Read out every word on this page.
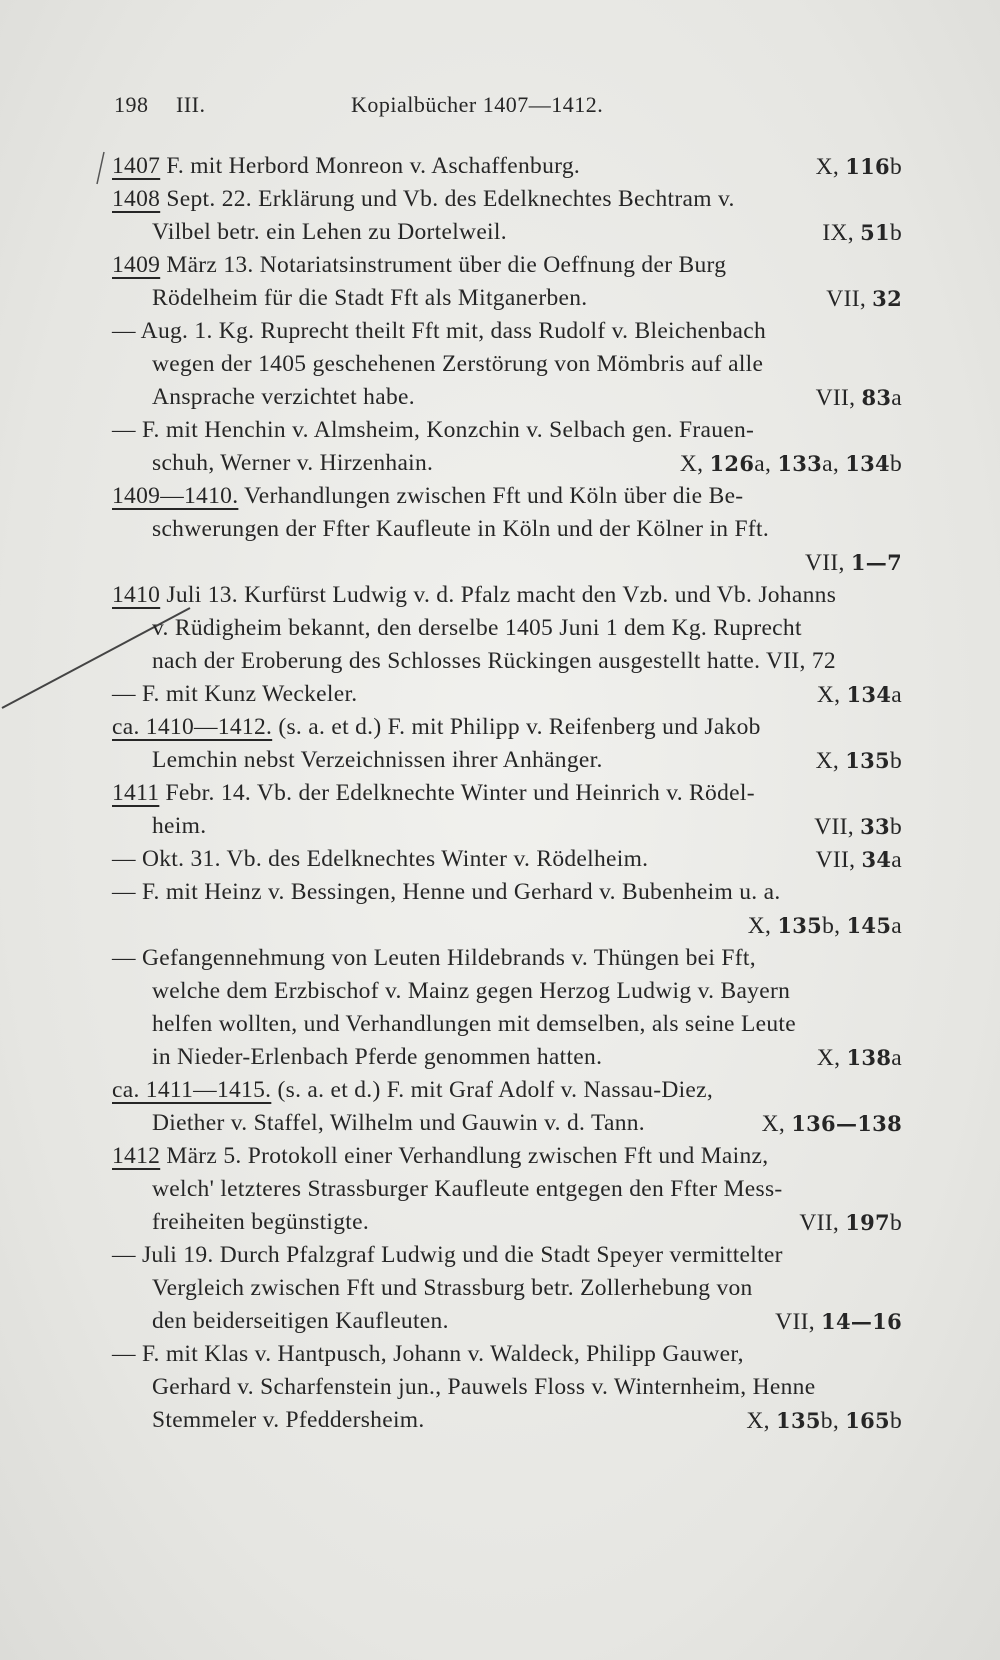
198 III.	Kopialbücher 1407—1412.
1407 F. mit Herbord Monreon v. Aschaffenburg.	X, 116b
1408 Sept. 22. Erklärung und Vb. des Edelknechtes Bechtram v.
Vilbel betr. ein Lehen zu Dortelweil.	IX, 51b
1409 März 13. Notariatsinstrument über die Oeffnung der Burg
Rödelheim für die Stadt Fft als Mitganerben.	VII, 32
— Aug. 1. Kg. Ruprecht theilt Fft mit, dass Rudolf v. Bleichenbach
wegen der 1405 geschehenen Zerstörung von Mömbris auf alle
Ansprache verzichtet habe.	VII, 83a
— F. mit Henchin v. Almsheim, Konzchin v. Selbach gen. Frauen-
schuh, Werner v. Hirzenhain.	X, 126a, 133a, 134b
1409—1410. Verhandlungen zwischen Fft und Köln über die Be-
schwerungen der Ffter Kaufleute in Köln und der Kölner in Fft.
VII, 1—7
1410 Juli 13. Kurfürst Ludwig v. d. Pfalz macht den Vzb. und Vb. Johanns
v. Rüdigheim bekannt, den derselbe 1405 Juni 1 dem Kg. Ruprecht
nach der Eroberung des Schlosses Rückingen ausgestellt hatte. VII, 72
— F. mit Kunz Weckeler.	X, 134a
ca. 1410—1412. (s. a. et d.) F. mit Philipp v. Reifenberg und Jakob
Lemchin nebst Verzeichnissen ihrer Anhänger.	X, 135b
1411 Febr. 14. Vb. der Edelknechte Winter und Heinrich v. Rödel-
heim.	VII, 33b
— Okt. 31. Vb. des Edelknechtes Winter v. Rödelheim.	VII, 34a
— F. mit Heinz v. Bessingen, Henne und Gerhard v. Bubenheim u. a.
X, 135b, 145a
— Gefangennehmung von Leuten Hildebrands v. Thüngen bei Fft,
welche dem Erzbischof v. Mainz gegen Herzog Ludwig v. Bayern
helfen wollten, und Verhandlungen mit demselben, als seine Leute
in Nieder-Erlenbach Pferde genommen hatten.	X, 138a
ca. 1411—1415. (s. a. et d.) F. mit Graf Adolf v. Nassau-Diez,
Diether v. Staffel, Wilhelm und Gauwin v. d. Tann.	X, 136—138
1412 März 5. Protokoll einer Verhandlung zwischen Fft und Mainz,
welch' letzteres Strassburger Kaufleute entgegen den Ffter Mess-
freiheiten begünstigte.	VII, 197b
— Juli 19. Durch Pfalzgraf Ludwig und die Stadt Speyer vermittelter
Vergleich zwischen Fft und Strassburg betr. Zollerhebung von
den beiderseitigen Kaufleuten.	VII, 14—16
— F. mit Klas v. Hantpusch, Johann v. Waldeck, Philipp Gauwer,
Gerhard v. Scharfenstein jun., Pauwels Floss v. Winternheim, Henne
Stemmeler v. Pfeddersheim.	X, 135b, 165b
